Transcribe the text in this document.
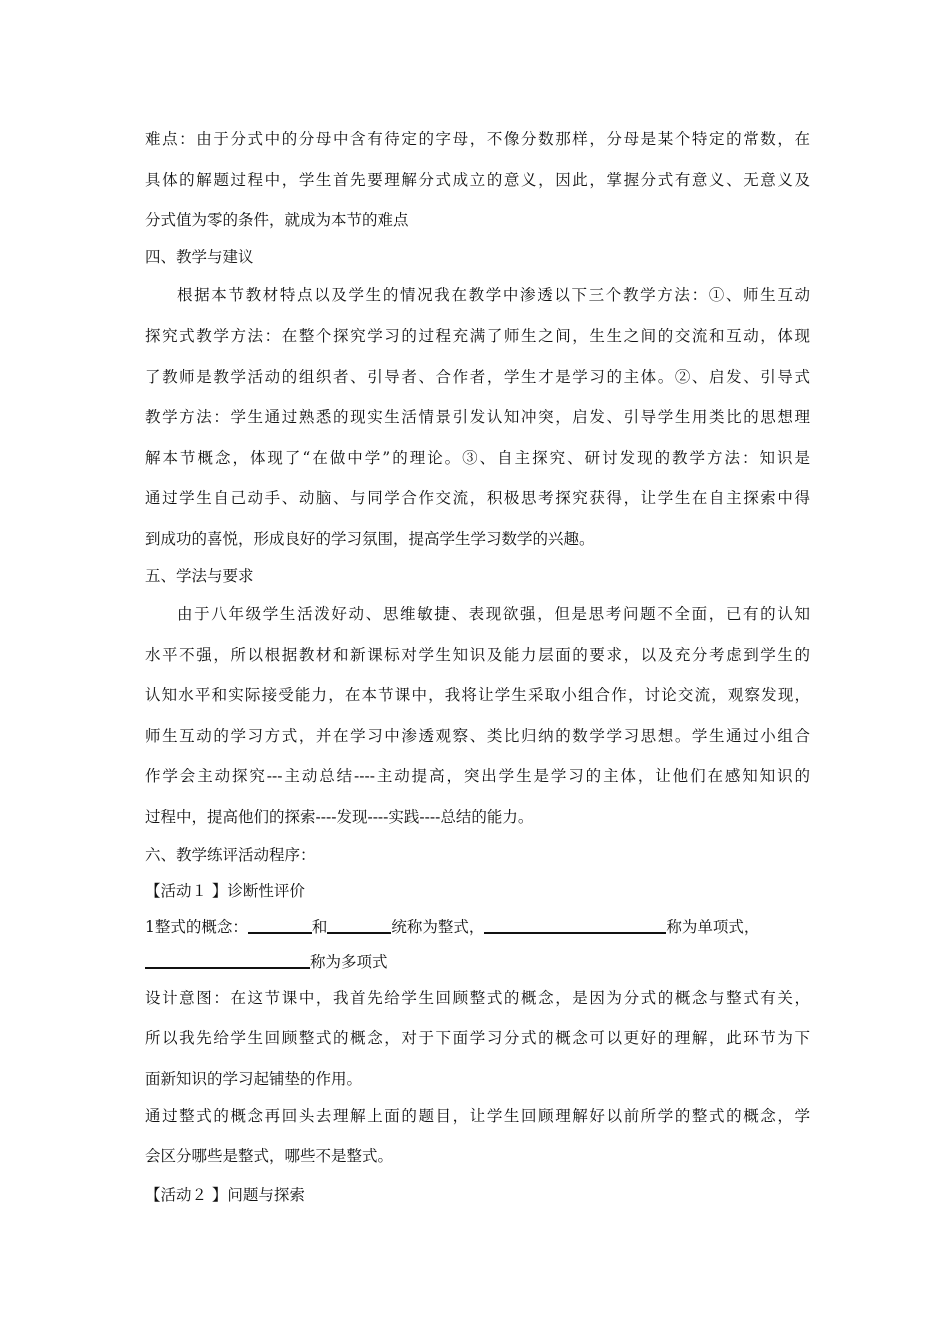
难点：由于分式中的分母中含有待定的字母，不像分数那样，分母是某个特定的常数，在
具体的解题过程中，学生首先要理解分式成立的意义，因此，掌握分式有意义、无意义及
分式值为零的条件，就成为本节的难点
四、教学与建议
根据本节教材特点以及学生的情况我在教学中渗透以下三个教学方法：①、师生互动
探究式教学方法：在整个探究学习的过程充满了师生之间，生生之间的交流和互动，体现
了教师是教学活动的组织者、引导者、合作者，学生才是学习的主体。②、启发、引导式
教学方法：学生通过熟悉的现实生活情景引发认知冲突，启发、引导学生用类比的思想理
解本节概念，体现了“在做中学”的理论。③、自主探究、研讨发现的教学方法：知识是
通过学生自己动手、动脑、与同学合作交流，积极思考探究获得，让学生在自主探索中得
到成功的喜悦，形成良好的学习氛围，提高学生学习数学的兴趣。
五、学法与要求
由于八年级学生活泼好动、思维敏捷、表现欲强，但是思考问题不全面，已有的认知
水平不强，所以根据教材和新课标对学生知识及能力层面的要求，以及充分考虑到学生的
认知水平和实际接受能力，在本节课中，我将让学生采取小组合作，讨论交流，观察发现，
师生互动的学习方式，并在学习中渗透观察、类比归纳的数学学习思想。学生通过小组合
作学会主动探究---主动总结----主动提高，突出学生是学习的主体，让他们在感知知识的
过程中，提高他们的探索----发现----实践----总结的能力。
六、教学练评活动程序：
【活动１ 】诊断性评价
1整式的概念：	和	统称为整式，	称为单项式，
称为多项式
设计意图：在这节课中，我首先给学生回顾整式的概念，是因为分式的概念与整式有关，
所以我先给学生回顾整式的概念，对于下面学习分式的概念可以更好的理解，此环节为下
面新知识的学习起铺垫的作用。
通过整式的概念再回头去理解上面的题目，让学生回顾理解好以前所学的整式的概念，学
会区分哪些是整式，哪些不是整式。
【活动２ 】问题与探索
